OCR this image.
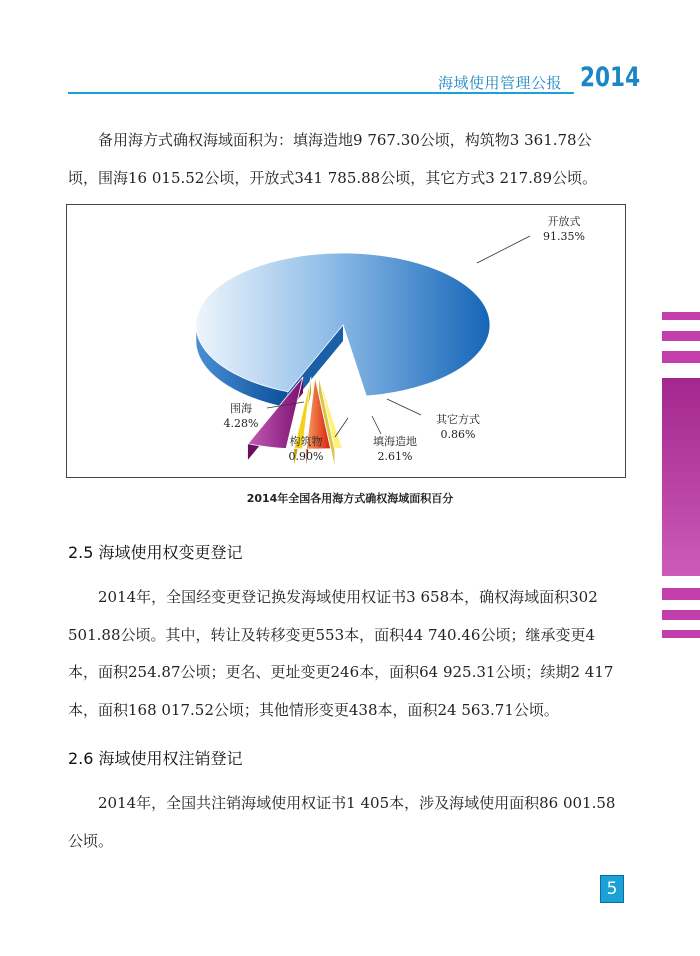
海域使用管理公报 2014

备用海方式确权海域面积为：填海造地9 767.30公顷，构筑物3 361.78公
顷，围海16 015.52公顷，开放式341 785.88公顷，其它方式3 217.89公顷。

开放式
91.35%
围海
4.28%
构筑物
0.90%
填海造地
2.61%
其它方式
0.86%
2014年全国各用海方式确权海域面积百分
2.5 海域使用权变更登记

2014年，全国经变更登记换发海域使用权证书3 658本，确权海域面积302
501.88公顷。其中，转让及转移变更553本，面积44 740.46公顷；继承变更4
本，面积254.87公顷；更名、更址变更246本，面积64 925.31公顷；续期2 417
本，面积168 017.52公顷；其他情形变更438本，面积24 563.71公顷。

2.6 海域使用权注销登记

2014年，全国共注销海域使用权证书1 405本，涉及海域使用面积86 001.58
公顷。

5
